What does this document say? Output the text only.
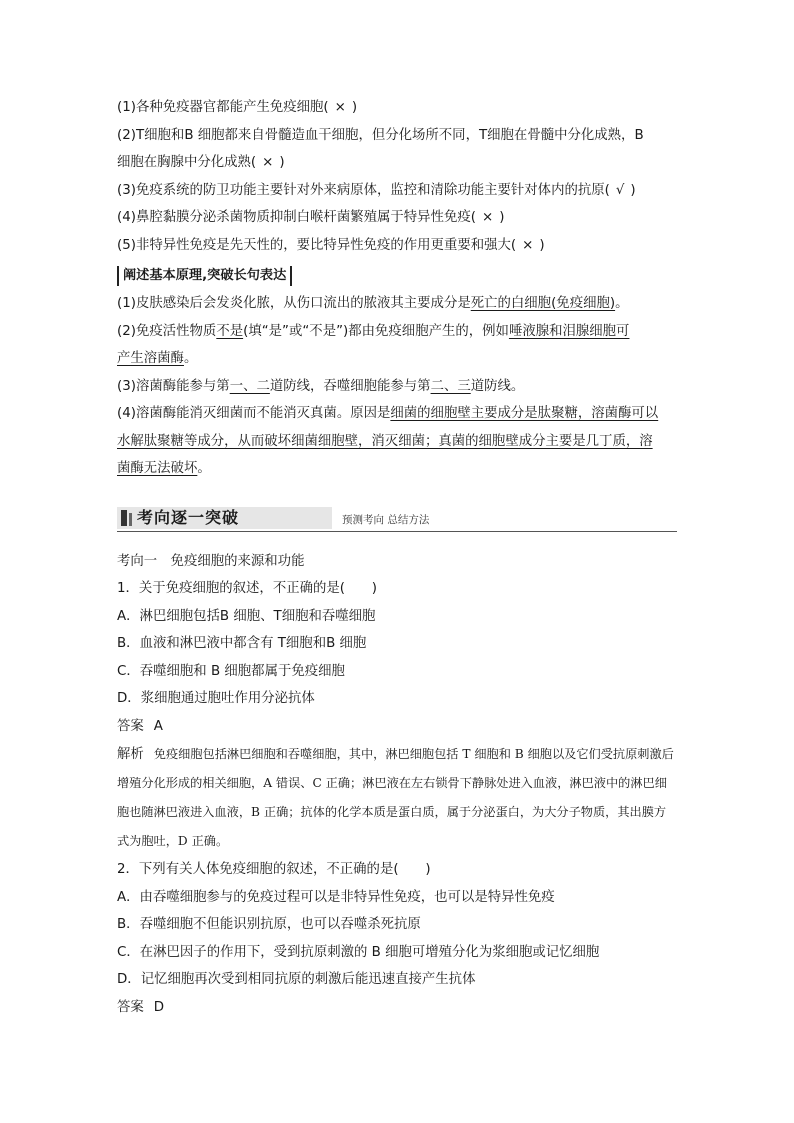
(1)各种免疫器官都能产生免疫细胞( × )
(2)T细胞和B 细胞都来自骨髓造血干细胞，但分化场所不同，T细胞在骨髓中分化成熟，B
细胞在胸腺中分化成熟( × )
(3)免疫系统的防卫功能主要针对外来病原体，监控和清除功能主要针对体内的抗原( √ )
(4)鼻腔黏膜分泌杀菌物质抑制白喉杆菌繁殖属于特异性免疫( × )
(5)非特异性免疫是先天性的，要比特异性免疫的作用更重要和强大( × )
阐述基本原理,突破长句表达
(1)皮肤感染后会发炎化脓，从伤口流出的脓液其主要成分是死亡的白细胞(免疫细胞)。
(2)免疫活性物质不是(填“是”或“不是”)都由免疫细胞产生的，例如唾液腺和泪腺细胞可
产生溶菌酶。
(3)溶菌酶能参与第一、二道防线，吞噬细胞能参与第二、三道防线。
(4)溶菌酶能消灭细菌而不能消灭真菌。原因是细菌的细胞壁主要成分是肽聚糖，溶菌酶可以
水解肽聚糖等成分，从而破坏细菌细胞壁，消灭细菌；真菌的细胞壁成分主要是几丁质，溶
菌酶无法破坏。
考向逐一突破	预测考向 总结方法
考向一　免疫细胞的来源和功能
1．关于免疫细胞的叙述，不正确的是(　　)
A．淋巴细胞包括B 细胞、T细胞和吞噬细胞
B．血液和淋巴液中都含有 T细胞和B 细胞
C．吞噬细胞和 B 细胞都属于免疫细胞
D．浆细胞通过胞吐作用分泌抗体
答案 A
解析 免疫细胞包括淋巴细胞和吞噬细胞，其中，淋巴细胞包括 T 细胞和 B 细胞以及它们受抗原刺激后增殖分化形成的相关细胞，A 错误、C 正确；淋巴液在左右锁骨下静脉处进入血液，淋巴液中的淋巴细胞也随淋巴液进入血液，B 正确；抗体的化学本质是蛋白质，属于分泌蛋白，为大分子物质，其出膜方式为胞吐，D 正确。
2．下列有关人体免疫细胞的叙述，不正确的是(　　)
A．由吞噬细胞参与的免疫过程可以是非特异性免疫，也可以是特异性免疫
B．吞噬细胞不但能识别抗原，也可以吞噬杀死抗原
C．在淋巴因子的作用下，受到抗原刺激的 B 细胞可增殖分化为浆细胞或记忆细胞
D．记忆细胞再次受到相同抗原的刺激后能迅速直接产生抗体
答案 D
